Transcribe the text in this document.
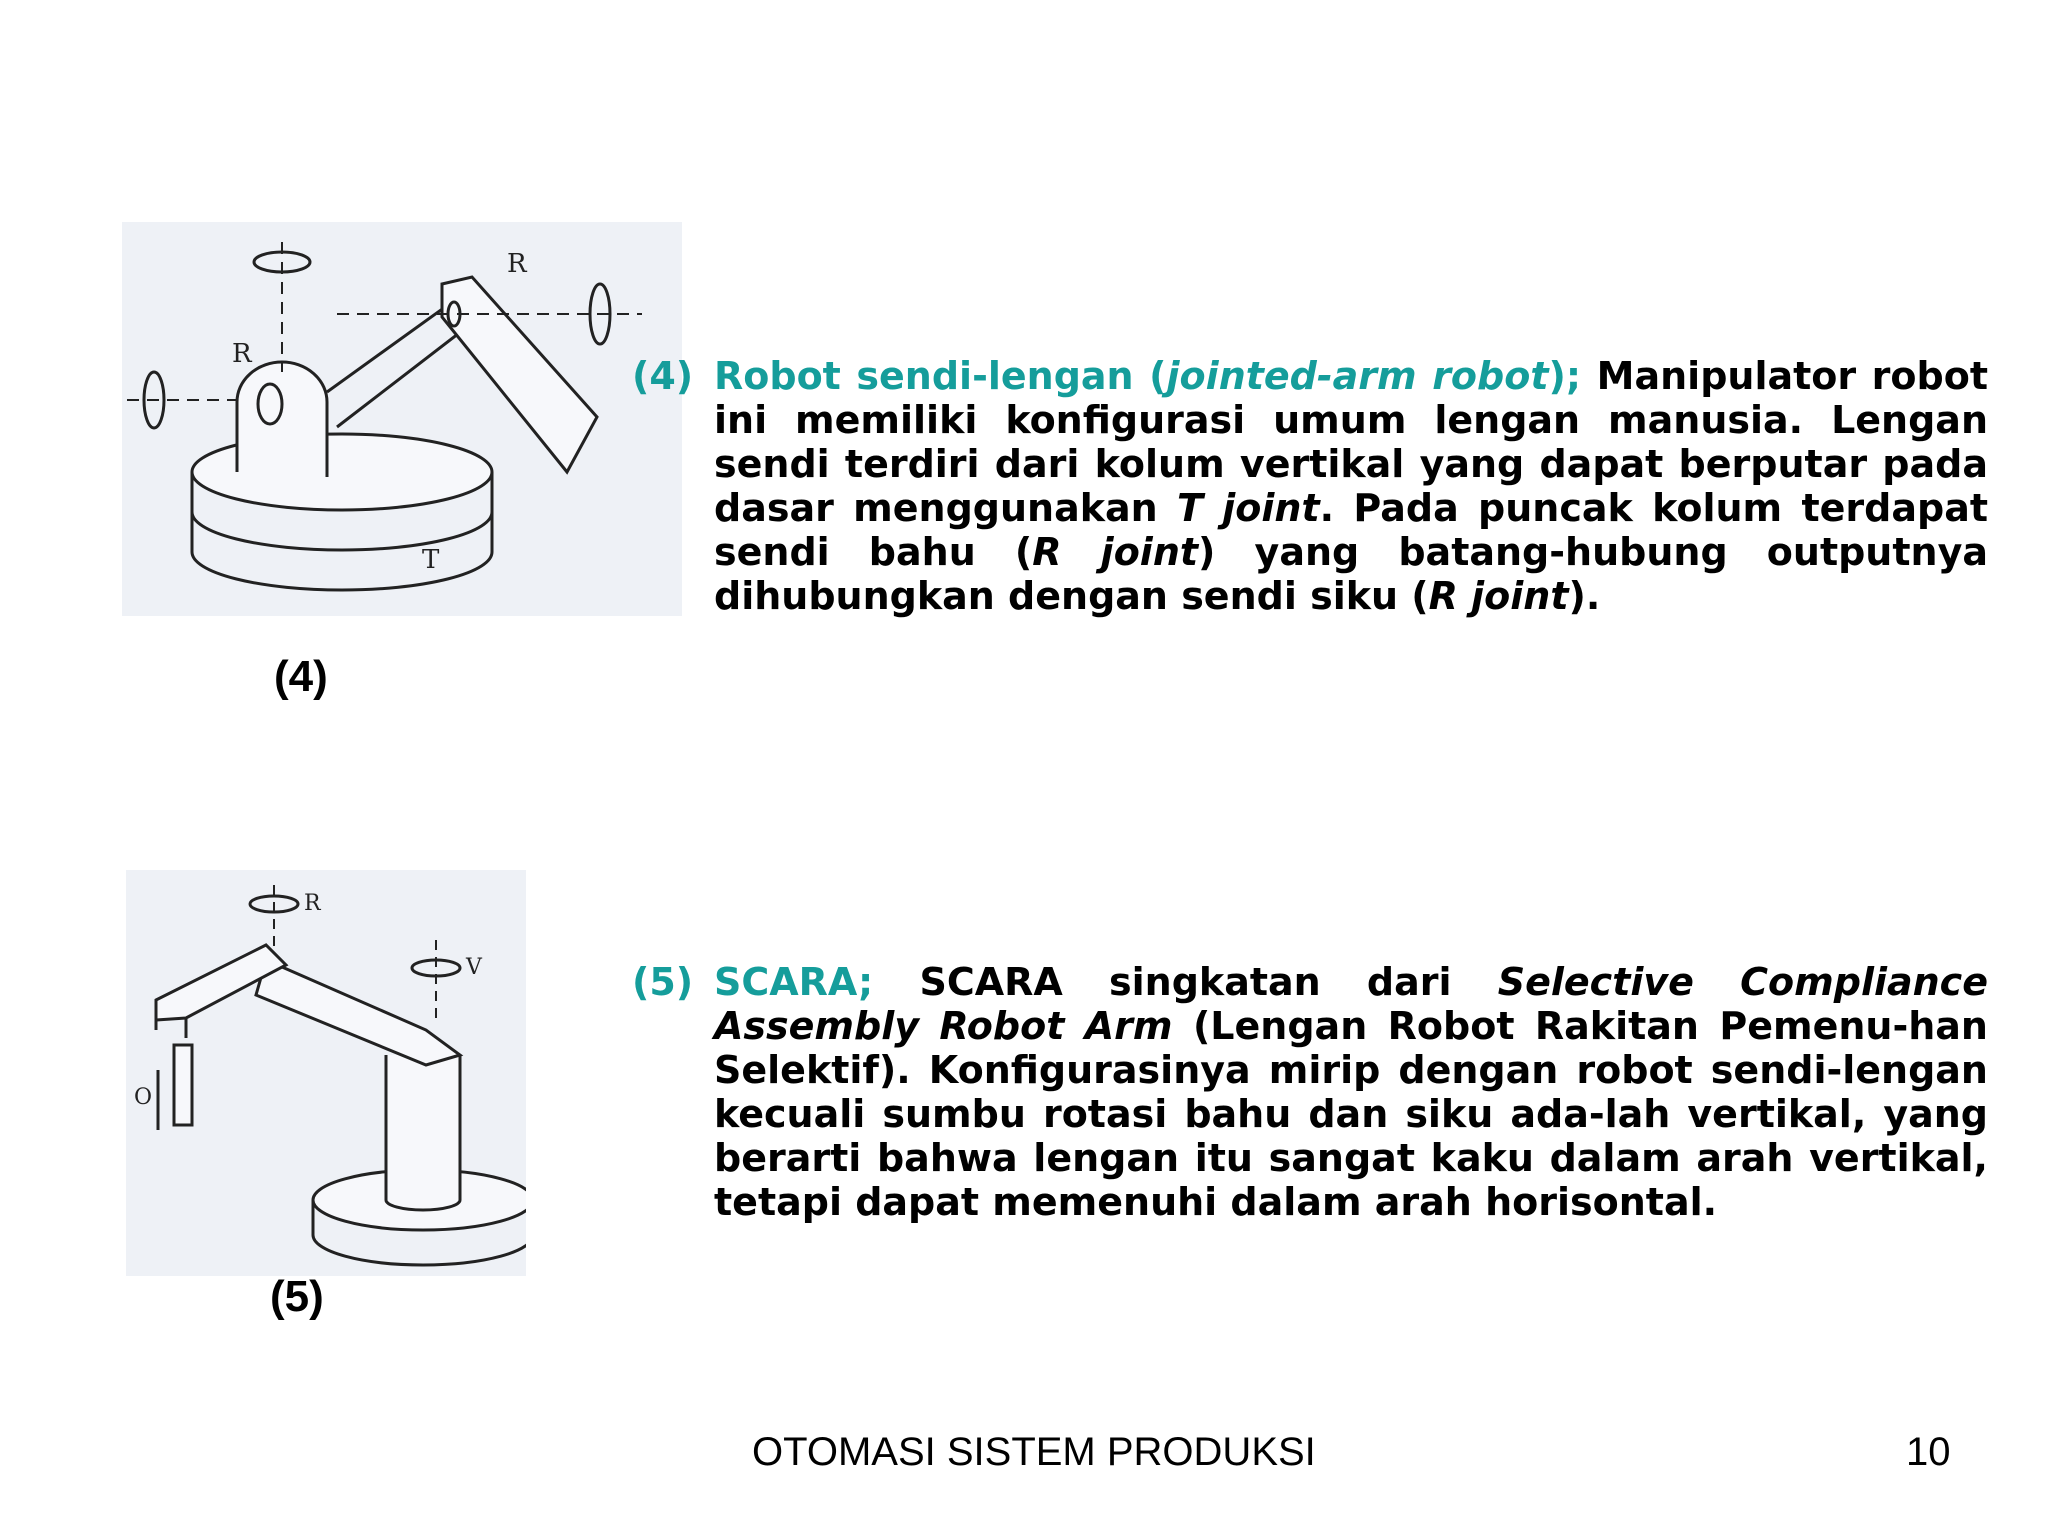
R
R
T
(4)
R
V
O
(5)
(4) Robot sendi-lengan (jointed-arm robot); Manipulator robot ini memiliki konfigurasi umum lengan manusia. Lengan sendi terdiri dari kolum vertikal yang dapat berputar pada dasar menggunakan T joint. Pada puncak kolum terdapat sendi bahu (R joint) yang batang-hubung outputnya dihubungkan dengan sendi siku (R joint).
(5) SCARA; SCARA singkatan dari Selective Compliance Assembly Robot Arm (Lengan Robot Rakitan Pemenu-han Selektif). Konfigurasinya mirip dengan robot sendi-lengan kecuali sumbu rotasi bahu dan siku ada-lah vertikal, yang berarti bahwa lengan itu sangat kaku dalam arah vertikal, tetapi dapat memenuhi dalam arah horisontal.
OTOMASI SISTEM PRODUKSI	10
